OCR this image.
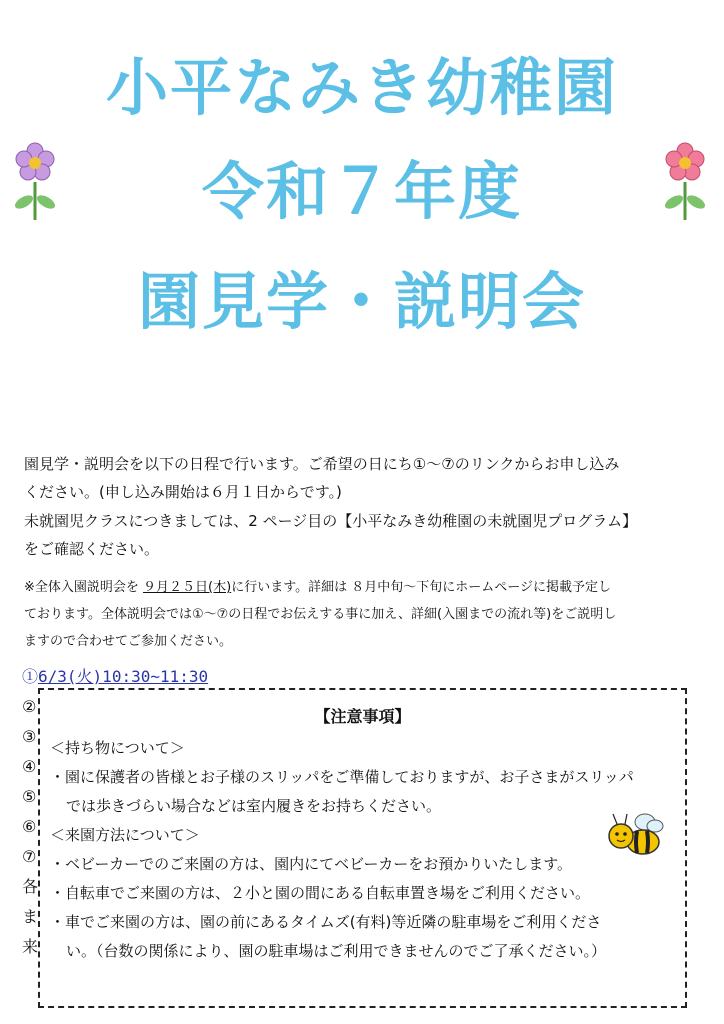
小平なみき幼稚園
令和７年度
園見学・説明会
園見学・説明会を以下の日程で行います。ご希望の日にち①～⑦のリンクからお申し込み
ください。(申し込み開始は６月１日からです。)
未就園児クラスにつきましては、2 ページ目の【小平なみき幼稚園の未就園児プログラム】
をご確認ください。
※全体入園説明会を ９月２５日(木)に行います。詳細は ８月中旬～下旬にホームページに掲載予定し
ております。全体説明会では①～⑦の日程でお伝えする事に加え、詳細(入園までの流れ等)をご説明し
ますので合わせてご参加ください。
①6/3(火)10:30~11:30
②
③
④
⑤
⑥
⑦
各
ま
来
【注意事項】
＜持ち物について＞
・園に保護者の皆様とお子様のスリッパをご準備しておりますが、お子さまがスリッパ
では歩きづらい場合などは室内履きをお持ちください。
＜来園方法について＞
・ベビーカーでのご来園の方は、園内にてベビーカーをお預かりいたします。
・自転車でご来園の方は、２小と園の間にある自転車置き場をご利用ください。
・車でご来園の方は、園の前にあるタイムズ(有料)等近隣の駐車場をご利用くださ
い。（台数の関係により、園の駐車場はご利用できませんのでご了承ください。）
